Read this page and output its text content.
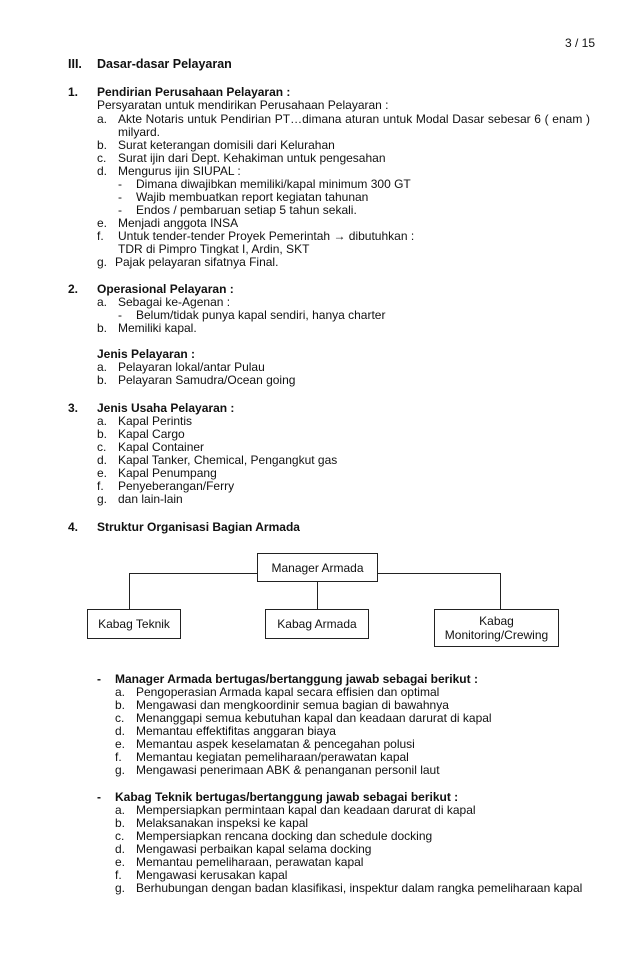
3 / 15
III. Dasar-dasar Pelayaran
1. Pendirian Perusahaan Pelayaran :
Persyaratan untuk mendirikan Perusahaan Pelayaran :
a. Akte Notaris untuk Pendirian PT…dimana aturan untuk Modal Dasar sebesar 6 ( enam )
milyard.
b. Surat keterangan domisili dari Kelurahan
c. Surat ijin dari Dept. Kehakiman untuk pengesahan
d. Mengurus ijin SIUPAL :
- Dimana diwajibkan memiliki/kapal minimum 300 GT
- Wajib membuatkan report kegiatan tahunan
- Endos / pembaruan setiap 5 tahun sekali.
e. Menjadi anggota INSA
f. Untuk tender-tender Proyek Pemerintah → dibutuhkan :
TDR di Pimpro Tingkat I, Ardin, SKT
g. Pajak pelayaran sifatnya Final.
2. Operasional Pelayaran :
a. Sebagai ke-Agenan :
- Belum/tidak punya kapal sendiri, hanya charter
b. Memiliki kapal.
Jenis Pelayaran :
a. Pelayaran lokal/antar Pulau
b. Pelayaran Samudra/Ocean going
3. Jenis Usaha Pelayaran :
a. Kapal Perintis
b. Kapal Cargo
c. Kapal Container
d. Kapal Tanker, Chemical, Pengangkut gas
e. Kapal Penumpang
f. Penyeberangan/Ferry
g. dan lain-lain
4. Struktur Organisasi Bagian Armada
Manager Armada
Kabag Teknik	Kabag Armada	Kabag
Monitoring/Crewing
- Manager Armada bertugas/bertanggung jawab sebagai berikut :
a. Pengoperasian Armada kapal secara effisien dan optimal
b. Mengawasi dan mengkoordinir semua bagian di bawahnya
c. Menanggapi semua kebutuhan kapal dan keadaan darurat di kapal
d. Memantau effektifitas anggaran biaya
e. Memantau aspek keselamatan & pencegahan polusi
f. Memantau kegiatan pemeliharaan/perawatan kapal
g. Mengawasi penerimaan ABK & penanganan personil laut
- Kabag Teknik bertugas/bertanggung jawab sebagai berikut :
a. Mempersiapkan permintaan kapal dan keadaan darurat di kapal
b. Melaksanakan inspeksi ke kapal
c. Mempersiapkan rencana docking dan schedule docking
d. Mengawasi perbaikan kapal selama docking
e. Memantau pemeliharaan, perawatan kapal
f. Mengawasi kerusakan kapal
g. Berhubungan dengan badan klasifikasi, inspektur dalam rangka pemeliharaan kapal
